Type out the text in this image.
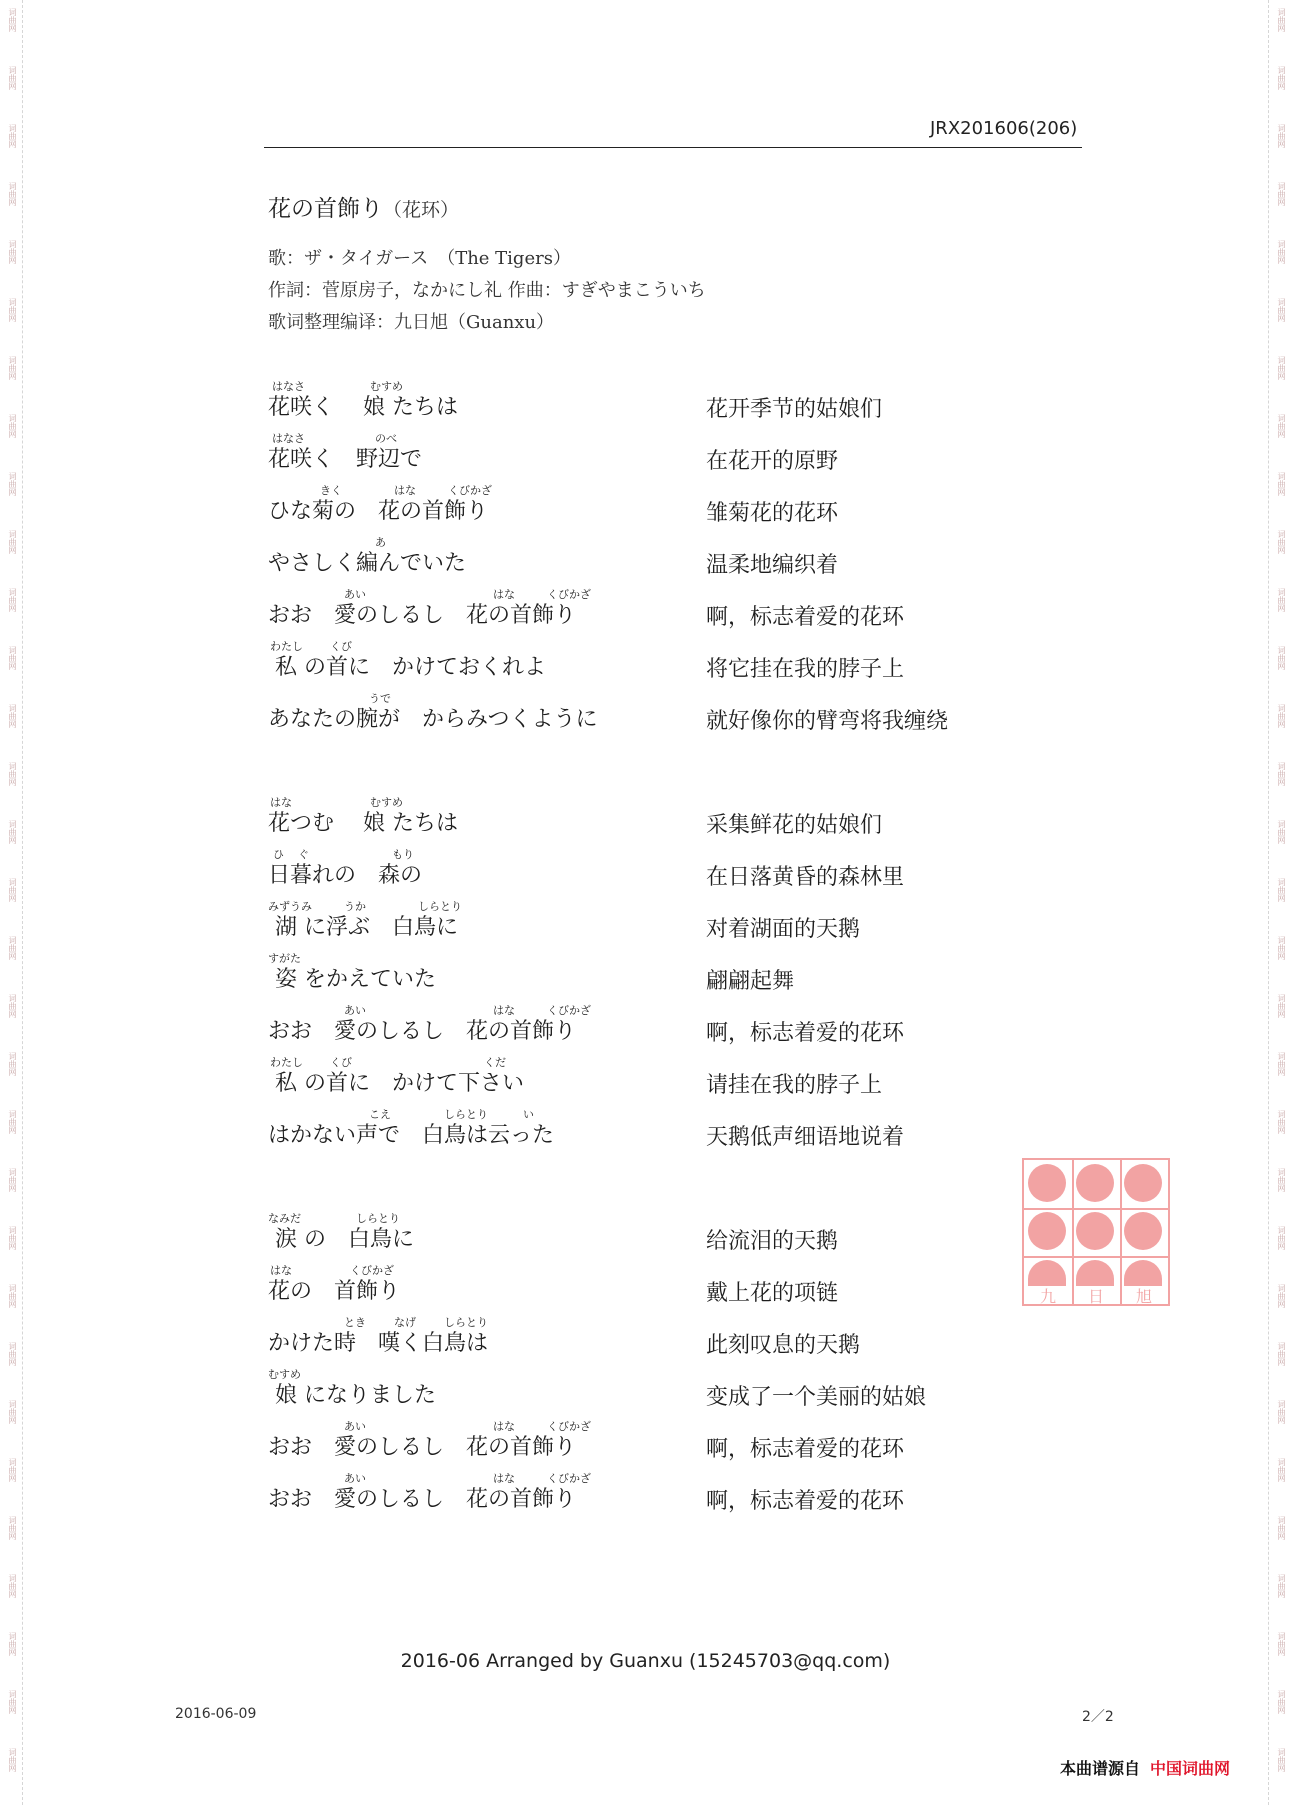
词曲网
词曲网
词曲网
词曲网
词曲网
词曲网
词曲网
词曲网
词曲网
词曲网
词曲网
词曲网
词曲网
词曲网
词曲网
词曲网
词曲网
词曲网
词曲网
词曲网
词曲网
词曲网
词曲网
词曲网
词曲网
词曲网
词曲网
词曲网
词曲网
词曲网
词曲网
词曲网
词曲网
词曲网
词曲网
词曲网
词曲网
词曲网
词曲网
词曲网
词曲网
词曲网
词曲网
词曲网
词曲网
词曲网
词曲网
词曲网
词曲网
词曲网
词曲网
词曲网
词曲网
词曲网
词曲网
词曲网
词曲网
词曲网
词曲网
词曲网
词曲网
词曲网
JRX201606(206)
花の首飾り（花环）
歌：ザ・タイガース　（The Tigers）
作詞：菅原房子，なかにし礼 作曲：すぎやまこういち
歌词整理编译：九日旭（Guanxu）
はなさ	むすめ
花咲く　 娘 たちは	花开季节的姑娘们
はなさ	のべ
花咲く　野辺で	在花开的原野
きく	はな	くびかざ
ひな菊の　花の首飾り	雏菊花的花环
あ
やさしく編んでいた	温柔地编织着
あい	はな	くびかざ
おお　愛のしるし　花の首飾り	啊，标志着爱的花环
わたし くび
私 の首に　かけておくれよ	将它挂在我的脖子上
うで
あなたの腕が　からみつくように	就好像你的臂弯将我缠绕
はな	むすめ
花つむ　 娘 たちは	采集鲜花的姑娘们
ひ ぐ	もり
日暮れの　森の	在日落黄昏的森林里
みずうみ	うか	しらとり
湖 に浮ぶ　白鳥に	对着湖面的天鹅
すがた
姿 をかえていた	翩翩起舞
あい	はな	くびかざ
おお　愛のしるし　花の首飾り	啊，标志着爱的花环
わたし くび	くだ
私 の首に　かけて下さい	请挂在我的脖子上
こえ	しらとり	い
はかない声で　白鳥は云った	天鹅低声细语地说着
なみだ	しらとり
涙 の　白鳥に	给流泪的天鹅
はな	くびかざ
花の　首飾り	戴上花的项链
とき	なげ	しらとり
かけた時　嘆く白鳥は	此刻叹息的天鹅
むすめ
娘 になりました	变成了一个美丽的姑娘
あい	はな	くびかざ
おお　愛のしるし　花の首飾り	啊，标志着爱的花环
あい	はな	くびかざ
おお　愛のしるし　花の首飾り	啊，标志着爱的花环
九	日	旭
2016-06 Arranged by Guanxu (15245703@qq.com)
2016-06-09	2／2
本曲谱源自 中国词曲网
